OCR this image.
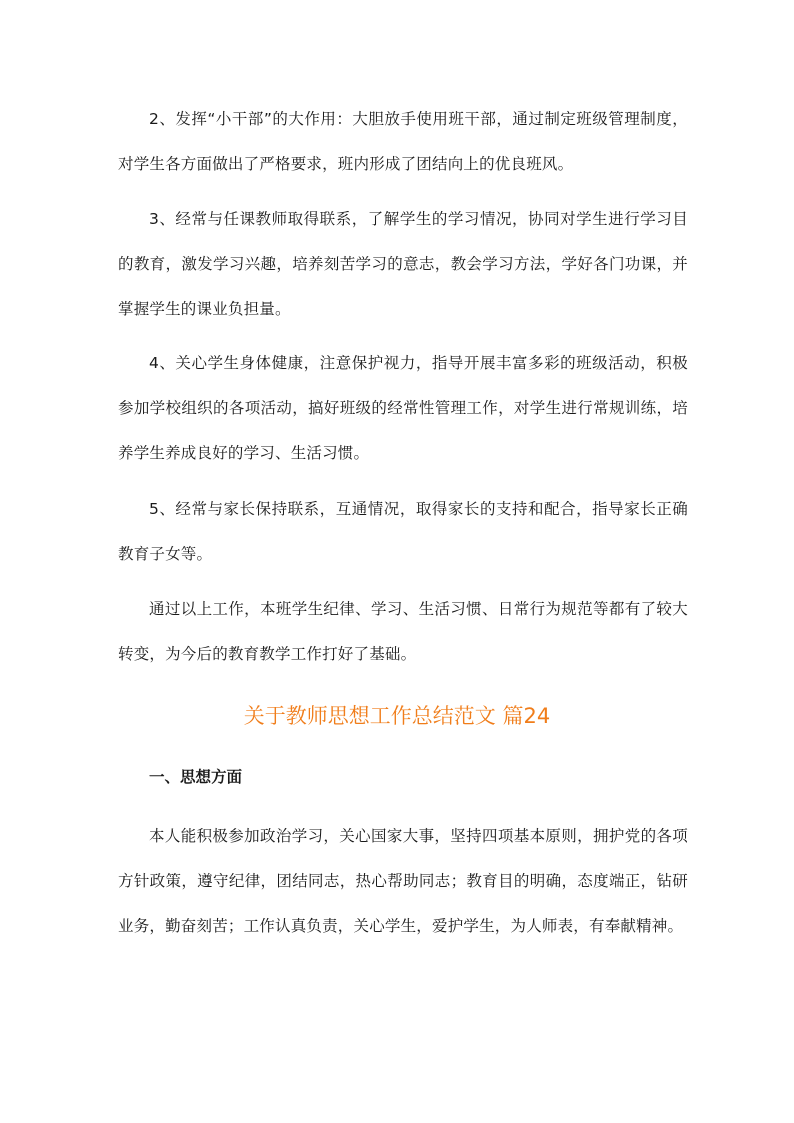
2、发挥“小干部”的大作用：大胆放手使用班干部，通过制定班级管理制度，对学生各方面做出了严格要求，班内形成了团结向上的优良班风。

3、经常与任课教师取得联系，了解学生的学习情况，协同对学生进行学习目的教育，激发学习兴趣，培养刻苦学习的意志，教会学习方法，学好各门功课，并掌握学生的课业负担量。

4、关心学生身体健康，注意保护视力，指导开展丰富多彩的班级活动，积极参加学校组织的各项活动，搞好班级的经常性管理工作，对学生进行常规训练，培养学生养成良好的学习、生活习惯。

5、经常与家长保持联系，互通情况，取得家长的支持和配合，指导家长正确教育子女等。

通过以上工作，本班学生纪律、学习、生活习惯、日常行为规范等都有了较大转变，为今后的教育教学工作打好了基础。

关于教师思想工作总结范文 篇24
一、思想方面

本人能积极参加政治学习，关心国家大事，坚持四项基本原则，拥护党的各项方针政策，遵守纪律，团结同志，热心帮助同志；教育目的明确，态度端正，钻研业务，勤奋刻苦；工作认真负责，关心学生，爱护学生，为人师表，有奉献精神。
